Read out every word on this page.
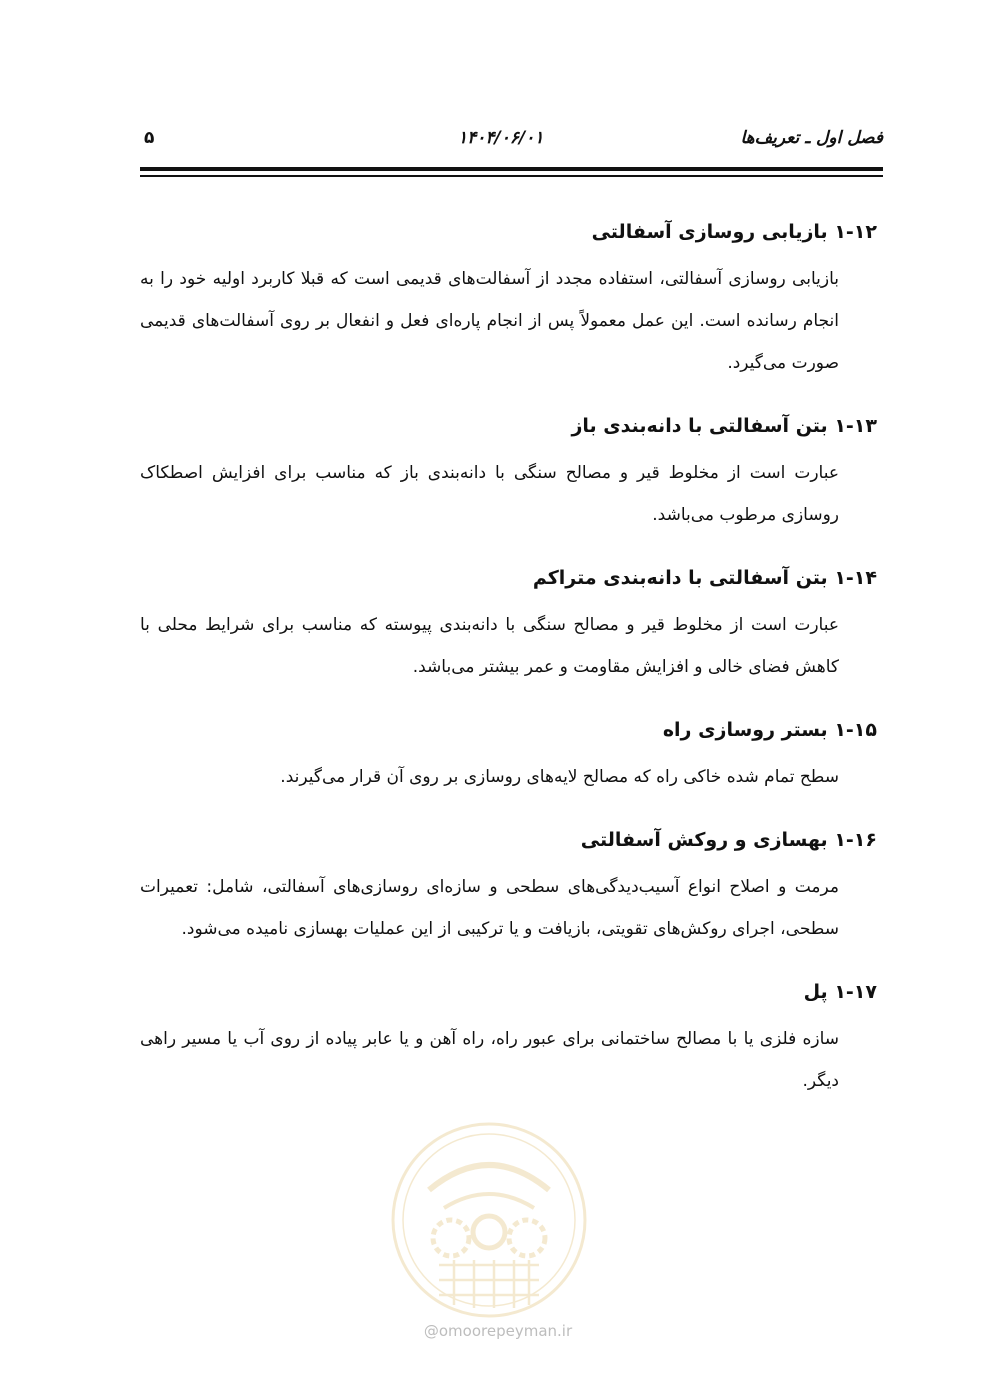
۵	۱۴۰۴/۰۶/۰۱	فصل اول ـ تعریف‌ها
۱-۱۲ بازیابی روسازی آسفالتی

بازیابی روسازی آسفالتی، استفاده مجدد از آسفالت‌های قدیمی است که قبلا کاربرد اولیه خود را به انجام رسانده است. این عمل معمولاً پس از انجام پاره‌ای فعل و انفعال بر روی آسفالت‌های قدیمی صورت می‌گیرد.

۱-۱۳ بتن آسفالتی با دانه‌بندی باز

عبارت است از مخلوط قیر و مصالح سنگی با دانه‌بندی باز که مناسب برای افزایش اصطکاک روسازی مرطوب می‌باشد.

۱-۱۴ بتن آسفالتی با دانه‌بندی متراکم

عبارت است از مخلوط قیر و مصالح سنگی با دانه‌بندی پیوسته که مناسب برای شرایط محلی با کاهش فضای خالی و افزایش مقاومت و عمر بیشتر می‌باشد.

۱-۱۵ بستر روسازی راه

سطح تمام شده خاکی راه که مصالح لایه‌های روسازی بر روی آن قرار می‌گیرند.

۱-۱۶ بهسازی و روکش آسفالتی

مرمت و اصلاح انواع آسیب‌دیدگی‌های سطحی و سازه‌ای روسازی‌های آسفالتی، شامل: تعمیرات سطحی، اجرای روکش‌های تقویتی، بازیافت و یا ترکیبی از این عملیات بهسازی نامیده می‌شود.

۱-۱۷ پل

سازه فلزی یا با مصالح ساختمانی برای عبور راه، راه آهن و یا عابر پیاده از روی آب یا مسیر راهی دیگر.

@omoorepeyman.ir
